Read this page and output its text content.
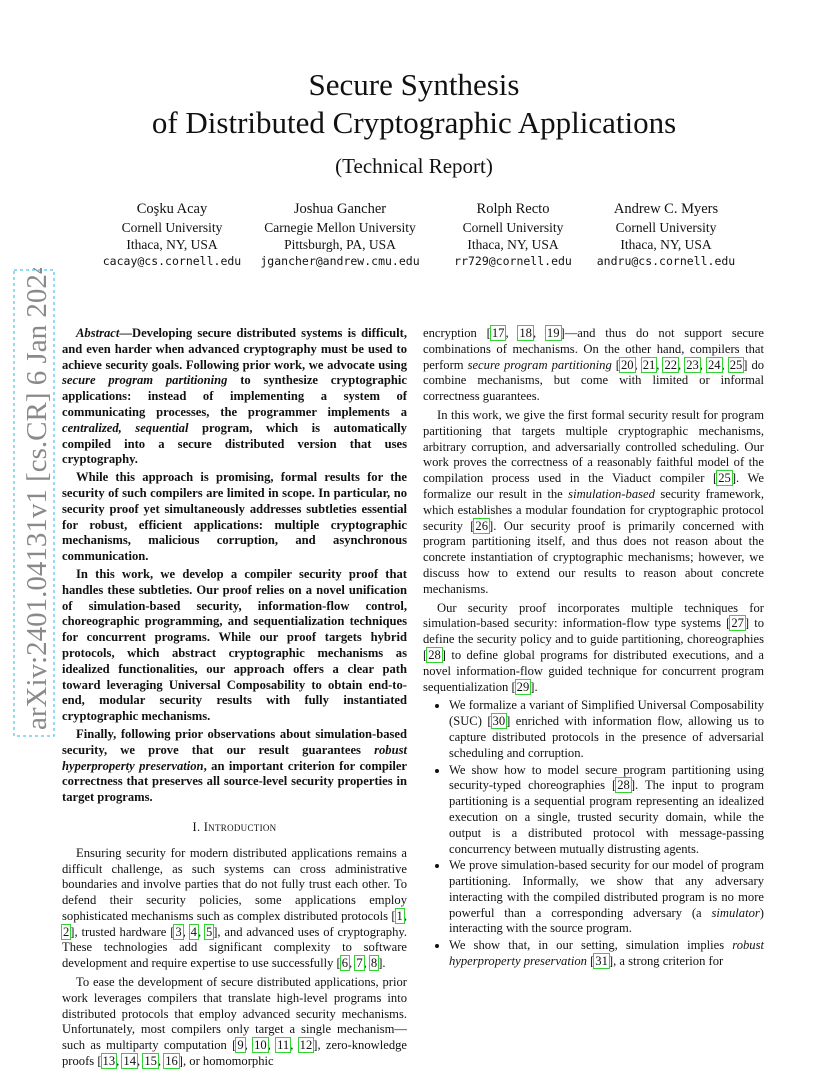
arXiv:2401.04131v1 [cs.CR] 6 Jan 2024
Secure Synthesis
of Distributed Cryptographic Applications
(Technical Report)
Coşku Acay
Cornell University
Ithaca, NY, USA
cacay@cs.cornell.edu
Joshua Gancher
Carnegie Mellon University
Pittsburgh, PA, USA
jgancher@andrew.cmu.edu
Rolph Recto
Cornell University
Ithaca, NY, USA
rr729@cornell.edu
Andrew C. Myers
Cornell University
Ithaca, NY, USA
andru@cs.cornell.edu

Abstract—Developing secure distributed systems is difficult, and even harder when advanced cryptography must be used to achieve security goals. Following prior work, we advocate using secure program partitioning to synthesize cryptographic applications: instead of implementing a system of communicating processes, the programmer implements a centralized, sequential program, which is automatically compiled into a secure distributed version that uses cryptography.

While this approach is promising, formal results for the security of such compilers are limited in scope. In particular, no security proof yet simultaneously addresses subtleties essential for robust, efficient applications: multiple cryptographic mechanisms, malicious corruption, and asynchronous communication.

In this work, we develop a compiler security proof that handles these subtleties. Our proof relies on a novel unification of simulation-based security, information-flow control, choreographic programming, and sequentialization techniques for concurrent programs. While our proof targets hybrid protocols, which abstract cryptographic mechanisms as idealized functionalities, our approach offers a clear path toward leveraging Universal Composability to obtain end-to-end, modular security results with fully instantiated cryptographic mechanisms.

Finally, following prior observations about simulation-based security, we prove that our result guarantees robust hyperproperty preservation, an important criterion for compiler correctness that preserves all source-level security properties in target programs.

I. Introduction

Ensuring security for modern distributed applications remains a difficult challenge, as such systems can cross administrative boundaries and involve parties that do not fully trust each other. To defend their security policies, some applications employ sophisticated mechanisms such as complex distributed protocols [1, 2], trusted hardware [3, 4, 5], and advanced uses of cryptography. These technologies add significant complexity to software development and require expertise to use successfully [6, 7, 8].

To ease the development of secure distributed applications, prior work leverages compilers that translate high-level programs into distributed protocols that employ advanced security mechanisms. Unfortunately, most compilers only target a single mechanism—such as multiparty computation [9, 10, 11, 12], zero-knowledge proofs [13, 14, 15, 16], or homomorphic

encryption [17, 18, 19]—and thus do not support secure combinations of mechanisms. On the other hand, compilers that perform secure program partitioning [20, 21, 22, 23, 24, 25] do combine mechanisms, but come with limited or informal correctness guarantees.

In this work, we give the first formal security result for program partitioning that targets multiple cryptographic mechanisms, arbitrary corruption, and adversarially controlled scheduling. Our work proves the correctness of a reasonably faithful model of the compilation process used in the Viaduct compiler [25]. We formalize our result in the simulation-based security framework, which establishes a modular foundation for cryptographic protocol security [26]. Our security proof is primarily concerned with program partitioning itself, and thus does not reason about the concrete instantiation of cryptographic mechanisms; however, we discuss how to extend our results to reason about concrete mechanisms.

Our security proof incorporates multiple techniques for simulation-based security: information-flow type systems [27] to define the security policy and to guide partitioning, choreographies [28] to define global programs for distributed executions, and a novel information-flow guided technique for concurrent program sequentialization [29].

• We formalize a variant of Simplified Universal Composability (SUC) [30] enriched with information flow, allowing us to capture distributed protocols in the presence of adversarial scheduling and corruption.
• We show how to model secure program partitioning using security-typed choreographies [28]. The input to program partitioning is a sequential program representing an idealized execution on a single, trusted security domain, while the output is a distributed protocol with message-passing concurrency between mutually distrusting agents.
• We prove simulation-based security for our model of program partitioning. Informally, we show that any adversary interacting with the compiled distributed program is no more powerful than a corresponding adversary (a simulator) interacting with the source program.
• We show that, in our setting, simulation implies robust hyperproperty preservation [31], a strong criterion for
